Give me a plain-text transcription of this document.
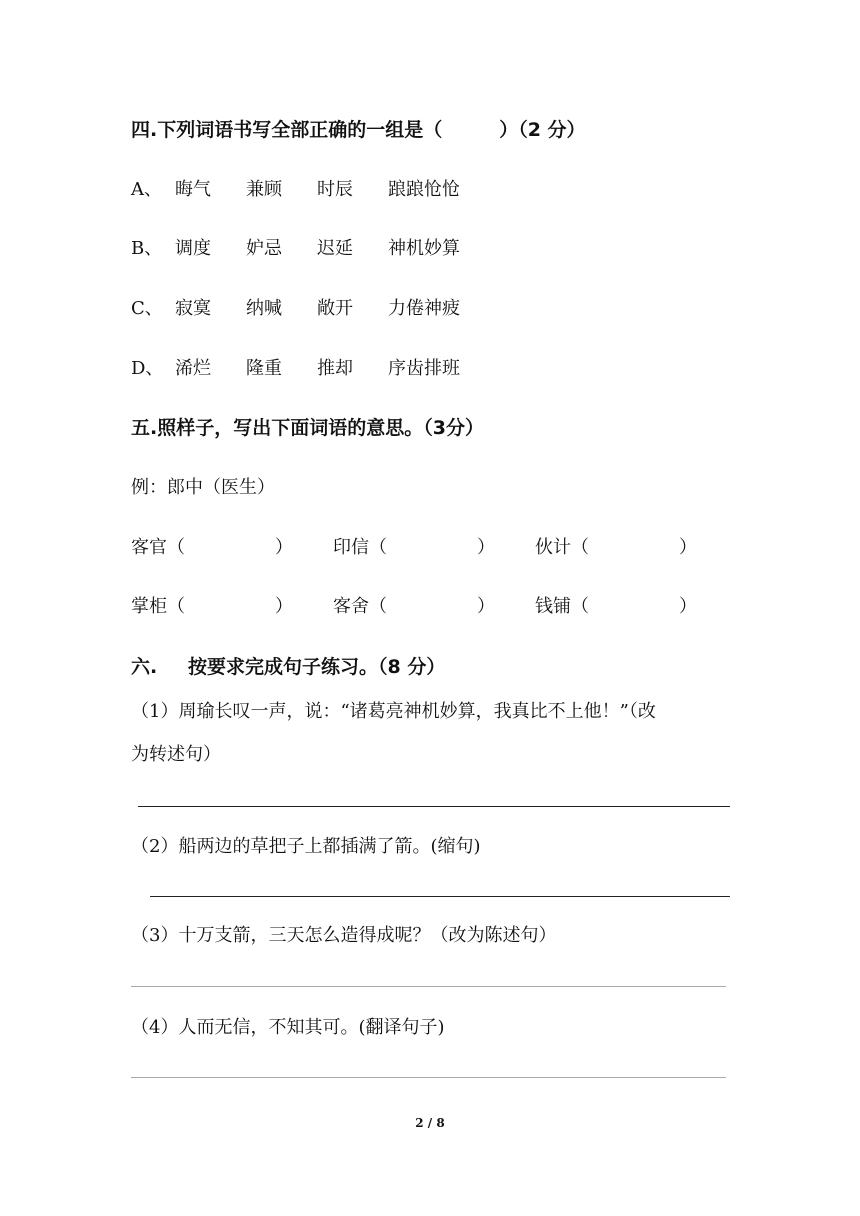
四.下列词语书写全部正确的一组是（　　　）（2 分）
A、 晦气 兼顾 时辰 踉踉怆怆
B、 调度 妒忌 迟延 神机妙算
C、 寂寞 纳喊 敞开 力倦神疲
D、 浠烂 隆重 推却 序齿排班
五.照样子，写出下面词语的意思。（3分）
例：郎中（医生）
客官（　　　　　） 印信（　　　　　） 伙计（　　　　　）
掌柜（　　　　　） 客舍（　　　　　） 钱铺（　　　　　）
六. 按要求完成句子练习。（8 分）
（1）周瑜长叹一声，说：“诸葛亮神机妙算，我真比不上他！”（改
为转述句）
（2）船两边的草把子上都插满了箭。(缩句)
（3）十万支箭，三天怎么造得成呢？（改为陈述句）
（4）人而无信，不知其可。(翻译句子)
2 / 8
